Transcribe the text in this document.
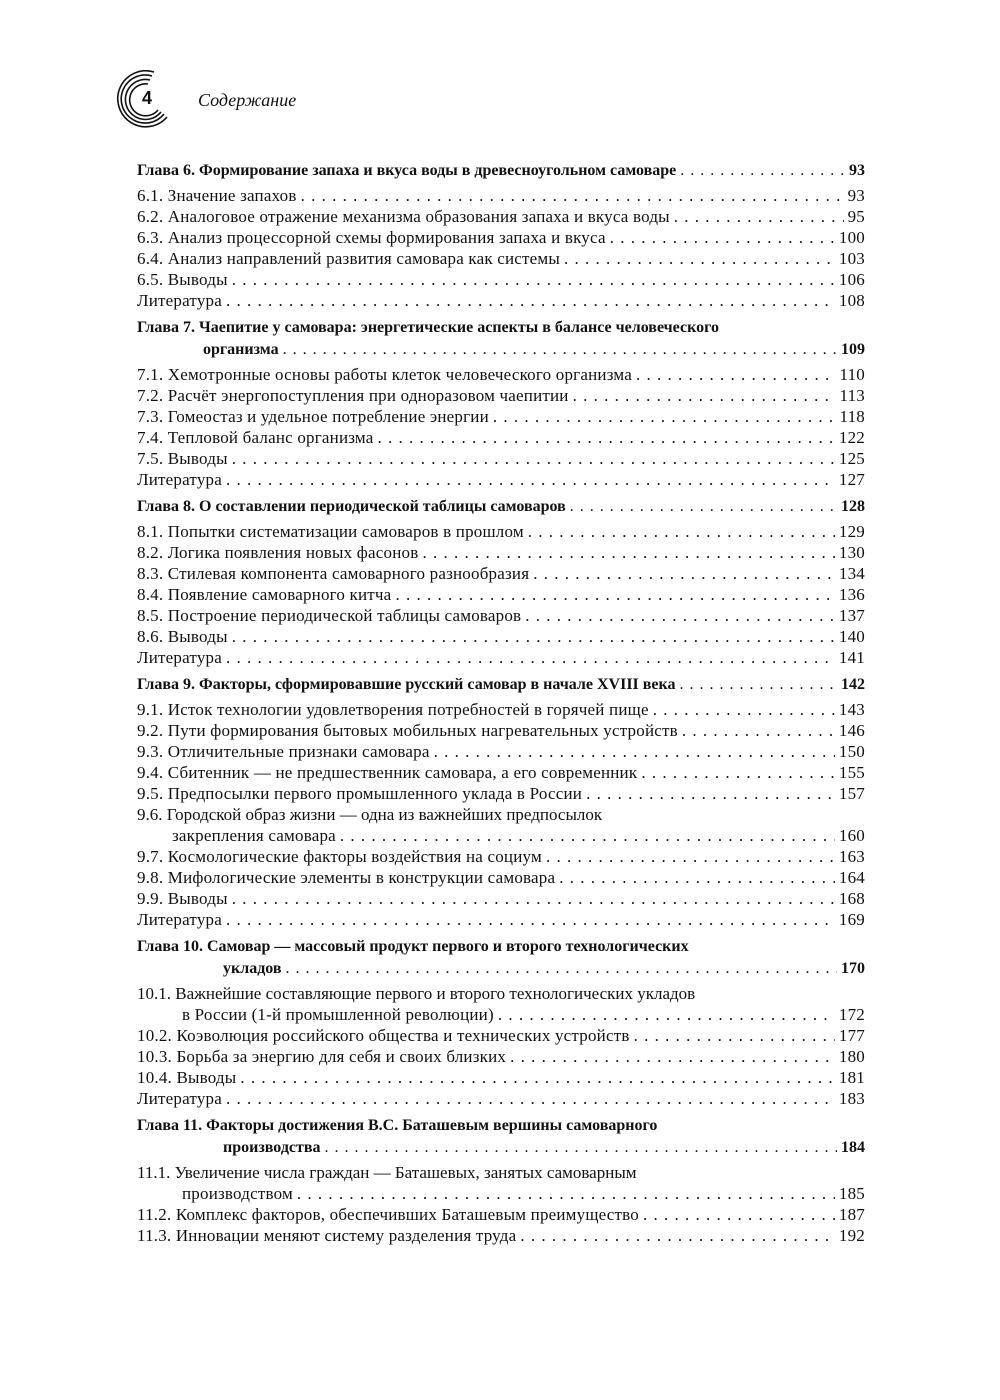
4	Содержание
Глава 6. Формирование запаха и вкуса воды в древесноугольном самоваре . . .	93
6.1. Значение запахов . . .	93
6.2. Аналоговое отражение механизма образования запаха и вкуса воды . . .	95
6.3. Анализ процессорной схемы формирования запаха и вкуса . . .	100
6.4. Анализ направлений развития самовара как системы . . .	103
6.5. Выводы . . .	106
Литература . . .	108
Глава 7. Чаепитие у самовара: энергетические аспекты в балансе человеческого
организма . . .	109
7.1. Хемотронные основы работы клеток человеческого организма . . .	110
7.2. Расчёт энергопоступления при одноразовом чаепитии . . .	113
7.3. Гомеостаз и удельное потребление энергии . . .	118
7.4. Тепловой баланс организма . . .	122
7.5. Выводы . . .	125
Литература . . .	127
Глава 8. О составлении периодической таблицы самоваров . . .	128
8.1. Попытки систематизации самоваров в прошлом . . .	129
8.2. Логика появления новых фасонов . . .	130
8.3. Стилевая компонента самоварного разнообразия . . .	134
8.4. Появление самоварного китча . . .	136
8.5. Построение периодической таблицы самоваров . . .	137
8.6. Выводы . . .	140
Литература . . .	141
Глава 9. Факторы, сформировавшие русский самовар в начале XVIII века . . .	142
9.1. Исток технологии удовлетворения потребностей в горячей пище . . .	143
9.2. Пути формирования бытовых мобильных нагревательных устройств . . .	146
9.3. Отличительные признаки самовара . . .	150
9.4. Сбитенник — не предшественник самовара, а его современник . . .	155
9.5. Предпосылки первого промышленного уклада в России . . .	157
9.6. Городской образ жизни — одна из важнейших предпосылок
закрепления самовара . . .	160
9.7. Космологические факторы воздействия на социум . . .	163
9.8. Мифологические элементы в конструкции самовара . . .	164
9.9. Выводы . . .	168
Литература . . .	169
Глава 10. Самовар — массовый продукт первого и второго технологических
укладов . . .	170
10.1. Важнейшие составляющие первого и второго технологических укладов
в России (1-й промышленной революции) . . .	172
10.2. Коэволюция российского общества и технических устройств . . .	177
10.3. Борьба за энергию для себя и своих близких . . .	180
10.4. Выводы . . .	181
Литература . . .	183
Глава 11. Факторы достижения В.С. Баташевым вершины самоварного
производства . . .	184
11.1. Увеличение числа граждан — Баташевых, занятых самоварным
производством . . .	185
11.2. Комплекс факторов, обеспечивших Баташевым преимущество . . .	187
11.3. Инновации меняют систему разделения труда . . .	192
